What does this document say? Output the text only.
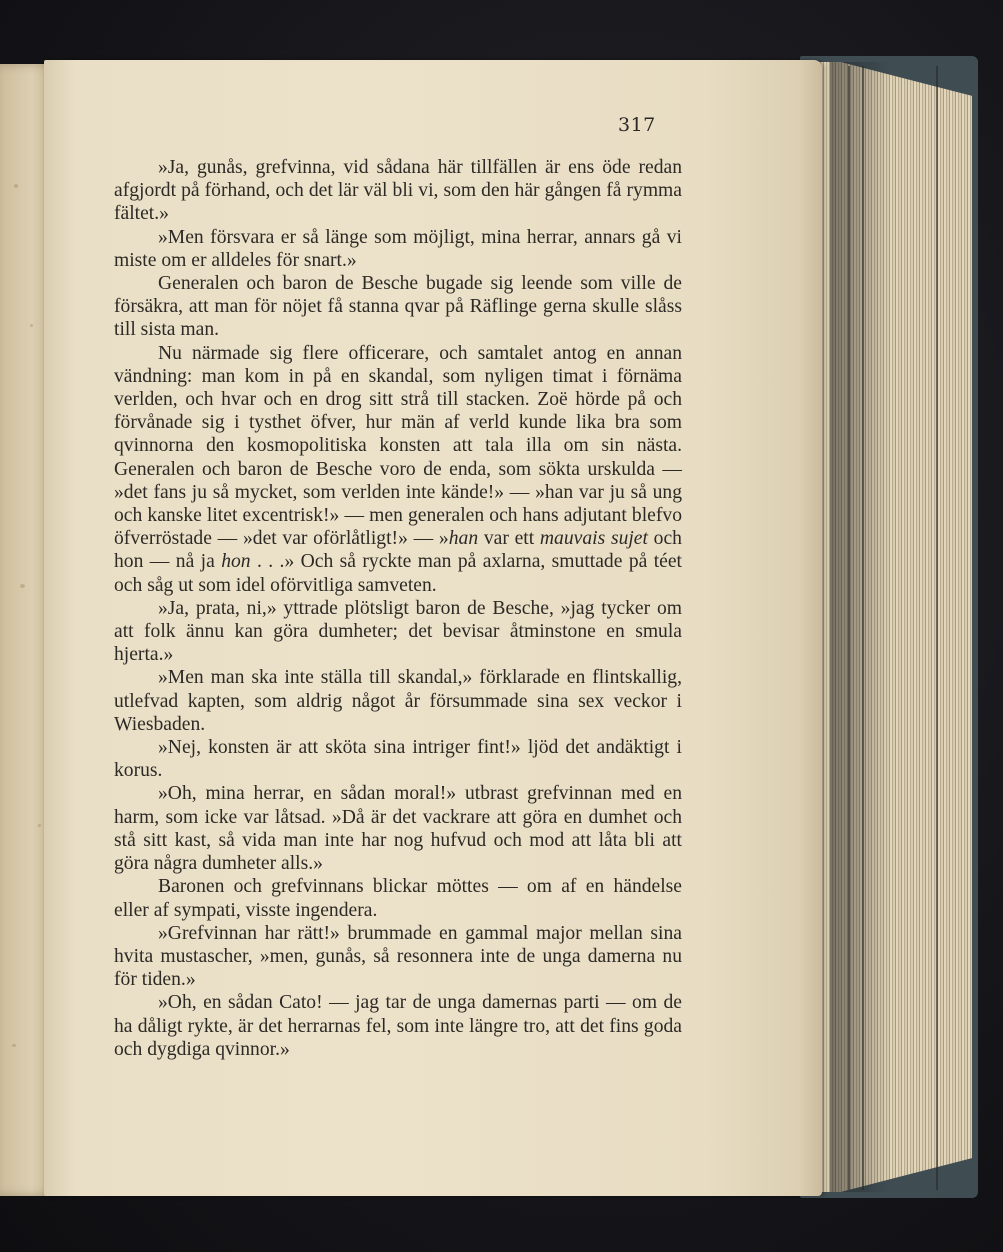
317

»Ja, gunås, grefvinna, vid sådana här tillfällen är ens öde redan afgjordt på förhand, och det lär väl bli vi, som den här gången få rymma fältet.»

»Men försvara er så länge som möjligt, mina herrar, annars gå vi miste om er alldeles för snart.»

Generalen och baron de Besche bugade sig leende som ville de försäkra, att man för nöjet få stanna qvar på Räflinge gerna skulle slåss till sista man.

Nu närmade sig flere officerare, och samtalet antog en annan vändning: man kom in på en skandal, som nyligen timat i förnäma verlden, och hvar och en drog sitt strå till stacken. Zoë hörde på och förvånade sig i tysthet öfver, hur män af verld kunde lika bra som qvinnorna den kosmopolitiska konsten att tala illa om sin nästa. Generalen och baron de Besche voro de enda, som sökta urskulda — »det fans ju så mycket, som verlden inte kände!» — »han var ju så ung och kanske litet excentrisk!» — men generalen och hans adjutant blefvo öfverröstade — »det var oförlåtligt!» — »han var ett mauvais sujet och hon — nå ja hon . . .» Och så ryckte man på axlarna, smuttade på téet och såg ut som idel oförvitliga samveten.

»Ja, prata, ni,» yttrade plötsligt baron de Besche, »jag tycker om att folk ännu kan göra dumheter; det bevisar åtminstone en smula hjerta.»

»Men man ska inte ställa till skandal,» förklarade en flintskallig, utlefvad kapten, som aldrig något år försummade sina sex veckor i Wiesbaden.

»Nej, konsten är att sköta sina intriger fint!» ljöd det andäktigt i korus.

»Oh, mina herrar, en sådan moral!» utbrast grefvinnan med en harm, som icke var låtsad. »Då är det vackrare att göra en dumhet och stå sitt kast, så vida man inte har nog hufvud och mod att låta bli att göra några dumheter alls.»

Baronen och grefvinnans blickar möttes — om af en händelse eller af sympati, visste ingendera.

»Grefvinnan har rätt!» brummade en gammal major mellan sina hvita mustascher, »men, gunås, så resonnera inte de unga damerna nu för tiden.»

»Oh, en sådan Cato! — jag tar de unga damernas parti — om de ha dåligt rykte, är det herrarnas fel, som inte längre tro, att det fins goda och dygdiga qvinnor.»
